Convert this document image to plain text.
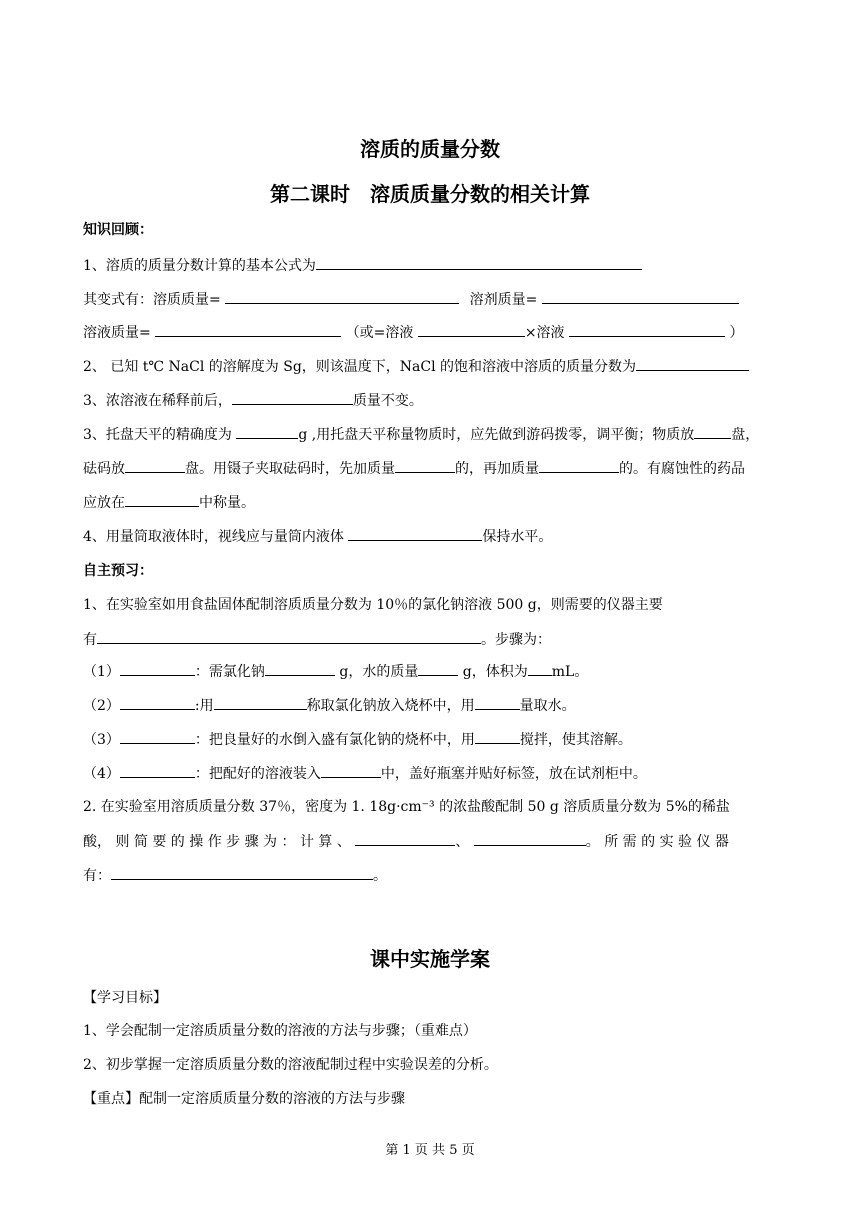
溶质的质量分数
第二课时　溶质质量分数的相关计算
知识回顾：
1、溶质的质量分数计算的基本公式为
其变式有：溶质质量=	溶剂质量=
溶液质量=	（或=溶液	×溶液	）
2、 已知 t℃ NaCl 的溶解度为 Sg，则该温度下，NaCl 的饱和溶液中溶质的质量分数为
3、浓溶液在稀释前后，	质量不变。
3、托盘天平的精确度为	g ,用托盘天平称量物质时，应先做到游码拨零，调平衡；物质放	盘，
砝码放	盘。用镊子夹取砝码时，先加质量	的，再加质量	的。有腐蚀性的药品
应放在	中称量。
4、用量筒取液体时，视线应与量筒内液体	保持水平。
自主预习：
1、在实验室如用食盐固体配制溶质质量分数为 10％的氯化钠溶液 500 g，则需要的仪器主要
有	。步骤为：
（1）	：需氯化钠	g，水的质量	g，体积为 mL。
（2）	:用	称取氯化钠放入烧杯中，用	量取水。
（3）	：把良量好的水倒入盛有氯化钠的烧杯中，用	搅拌，使其溶解。
（4）	：把配好的溶液装入	中，盖好瓶塞并贴好标签，放在试剂柜中。
2. 在实验室用溶质质量分数 37％，密度为 1. 18g·cm⁻³ 的浓盐酸配制 50 g 溶质质量分数为 5%的稀盐
酸， 则 简 要 的 操 作 步 骤 为 ： 计 算 、	、	。 所 需 的 实 验 仪 器
有：	。
课中实施学案
【学习目标】
1、学会配制一定溶质质量分数的溶液的方法与步骤；（重难点）
2、初步掌握一定溶质质量分数的溶液配制过程中实验误差的分析。
【重点】配制一定溶质质量分数的溶液的方法与步骤
第 1 页 共 5 页
